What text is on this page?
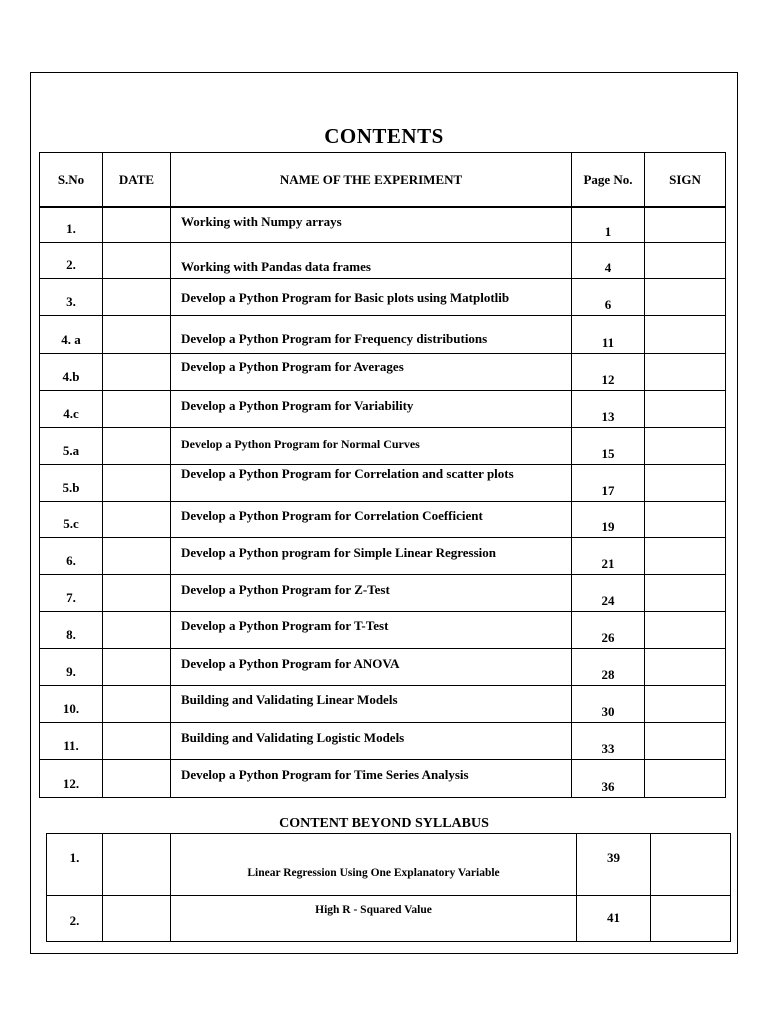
CONTENTS
S.No	DATE	NAME OF THE EXPERIMENT	Page No.	SIGN

1.		Working with Numpy arrays	1	

2.		Working with Pandas data frames	4	

3.		Develop a Python Program for Basic plots using Matplotlib	6	

4. a		Develop a Python Program for Frequency distributions	11	

4.b		Develop a Python Program for Averages	12	

4.c		Develop a Python Program for Variability	13	

5.a		Develop a Python Program for Normal Curves	15	

5.b		Develop a Python Program for Correlation and scatter plots	17	

5.c		Develop a Python Program for Correlation Coefficient	19	

6.		Develop a Python program for Simple Linear Regression	21	

7.		Develop a Python Program for Z-Test	24	

8.		Develop a Python Program for T-Test	26	

9.		Develop a Python Program for ANOVA	28	

10.		Building and Validating Linear Models	30	

11.		Building and Validating Logistic Models	33	

12.		Develop a Python Program for Time Series Analysis	36	

CONTENT BEYOND SYLLABUS
1.		Linear Regression Using One Explanatory Variable	39	

2.		High R - Squared Value	41	
